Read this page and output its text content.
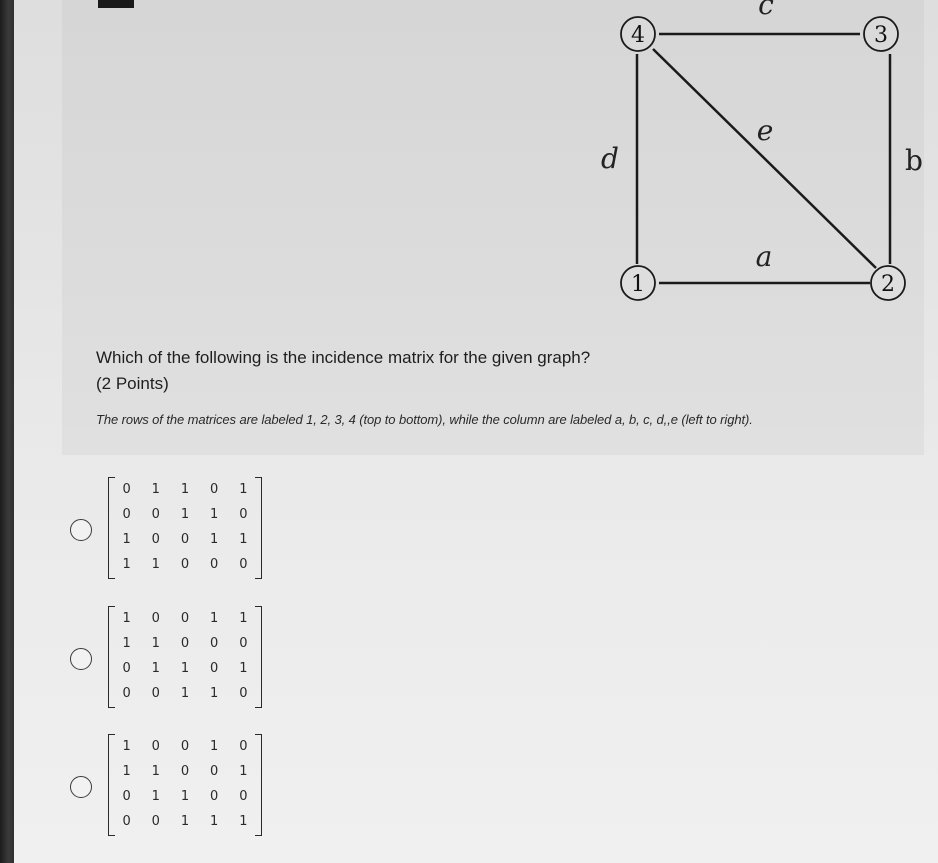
4	3
1	2
c
d
e
b
a
Which of the following is the incidence matrix for the given graph?
(2 Points)
The rows of the matrices are labeled 1, 2, 3, 4 (top to bottom), while the column are labeled a, b, c, d,,e (left to right).
0	1	1	0	1
0	0	1	1	0
1	0	0	1	1
1	1	0	0	0
1	0	0	1	1
1	1	0	0	0
0	1	1	0	1
0	0	1	1	0
1	0	0	1	0
1	1	0	0	1
0	1	1	0	0
0	0	1	1	1
